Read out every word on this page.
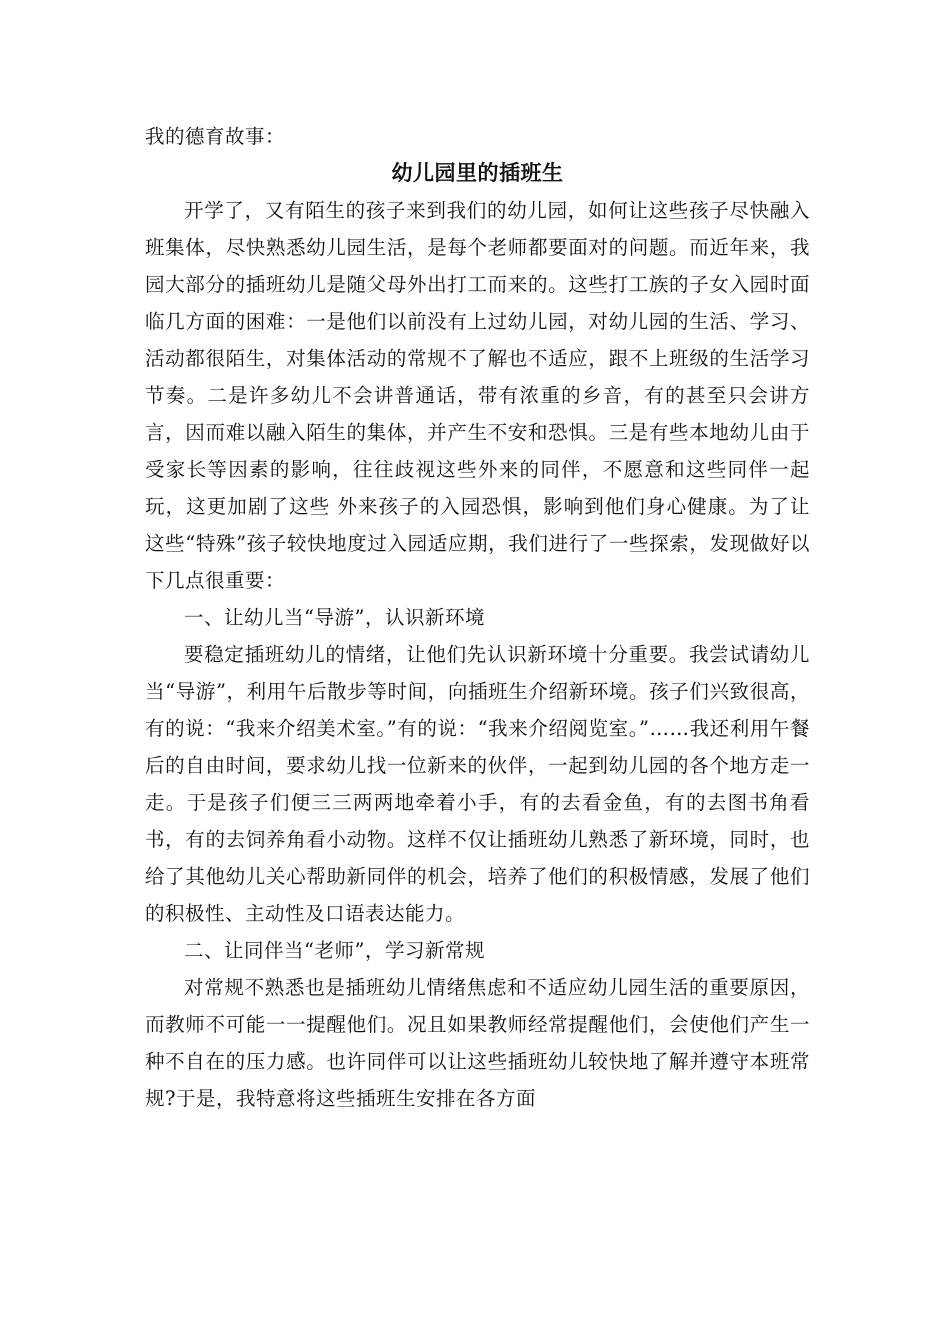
我的德育故事：

幼儿园里的插班生

开学了，又有陌生的孩子来到我们的幼儿园，如何让这些孩子尽快融入班集体，尽快熟悉幼儿园生活，是每个老师都要面对的问题。而近年来，我园大部分的插班幼儿是随父母外出打工而来的。这些打工族的子女入园时面临几方面的困难：一是他们以前没有上过幼儿园，对幼儿园的生活、学习、活动都很陌生，对集体活动的常规不了解也不适应，跟不上班级的生活学习节奏。二是许多幼儿不会讲普通话，带有浓重的乡音，有的甚至只会讲方言，因而难以融入陌生的集体，并产生不安和恐惧。三是有些本地幼儿由于受家长等因素的影响，往往歧视这些外来的同伴，不愿意和这些同伴一起玩，这更加剧了这些 外来孩子的入园恐惧，影响到他们身心健康。为了让这些“特殊”孩子较快地度过入园适应期，我们进行了一些探索，发现做好以下几点很重要：

一、让幼儿当“导游”，认识新环境

要稳定插班幼儿的情绪，让他们先认识新环境十分重要。我尝试请幼儿当“导游”，利用午后散步等时间，向插班生介绍新环境。孩子们兴致很高，有的说：“我来介绍美术室。”有的说：“我来介绍阅览室。”……我还利用午餐后的自由时间，要求幼儿找一位新来的伙伴，一起到幼儿园的各个地方走一走。于是孩子们便三三两两地牵着小手，有的去看金鱼，有的去图书角看书，有的去饲养角看小动物。这样不仅让插班幼儿熟悉了新环境，同时，也给了其他幼儿关心帮助新同伴的机会，培养了他们的积极情感，发展了他们的积极性、主动性及口语表达能力。

二、让同伴当“老师”，学习新常规

对常规不熟悉也是插班幼儿情绪焦虑和不适应幼儿园生活的重要原因，而教师不可能一一提醒他们。况且如果教师经常提醒他们，会使他们产生一种不自在的压力感。也许同伴可以让这些插班幼儿较快地了解并遵守本班常规?于是，我特意将这些插班生安排在各方面
